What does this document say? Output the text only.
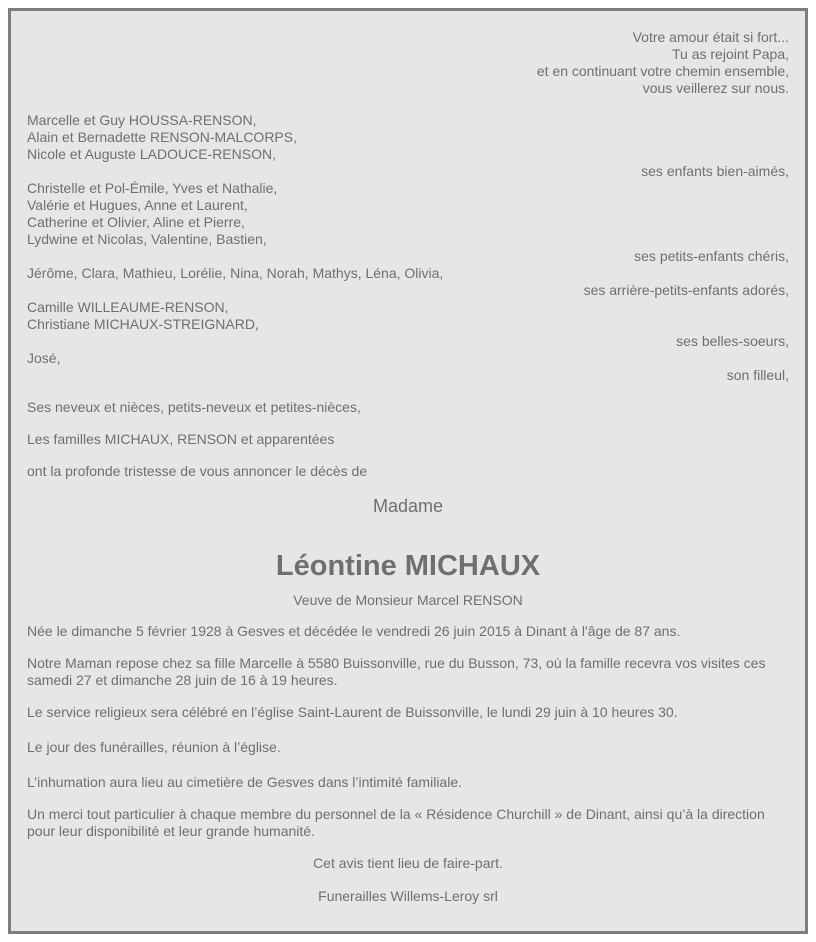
Votre amour était si fort...

Tu as rejoint Papa,

et en continuant votre chemin ensemble,

vous veillerez sur nous.

Marcelle et Guy HOUSSA-RENSON,

Alain et Bernadette RENSON-MALCORPS,

Nicole et Auguste LADOUCE-RENSON,

ses enfants bien-aimés,

Christelle et Pol-Émile, Yves et Nathalie,

Valérie et Hugues, Anne et Laurent,

Catherine et Olivier, Aline et Pierre,

Lydwine et Nicolas, Valentine, Bastien,

ses petits-enfants chéris,

Jérôme, Clara, Mathieu, Lorélie, Nina, Norah, Mathys, Léna, Olivia,

ses arrière-petits-enfants adorés,

Camille WILLEAUME-RENSON,

Christiane MICHAUX-STREIGNARD,

ses belles-soeurs,

José,

son filleul,

Ses neveux et nièces, petits-neveux et petites-nièces,

Les familles MICHAUX, RENSON et apparentées

ont la profonde tristesse de vous annoncer le décès de

Madame

Léontine MICHAUX

Veuve de Monsieur Marcel RENSON

Née le dimanche 5 février 1928 à Gesves et décédée le vendredi 26 juin 2015 à Dinant à l'âge de 87 ans.

Notre Maman repose chez sa fille Marcelle à 5580 Buissonville, rue du Busson, 73, où la famille recevra vos visites ces samedi 27 et dimanche 28 juin de 16 à 19 heures.

Le service religieux sera célébré en l’église Saint-Laurent de Buissonville, le lundi 29 juin à 10 heures 30.

Le jour des funérailles, réunion à l’église.

L’inhumation aura lieu au cimetière de Gesves dans l’intimité familiale.

Un merci tout particulier à chaque membre du personnel de la « Résidence Churchill » de Dinant, ainsi qu’à la direction pour leur disponibilité et leur grande humanité.

Cet avis tient lieu de faire-part.

Funerailles Willems-Leroy srl
